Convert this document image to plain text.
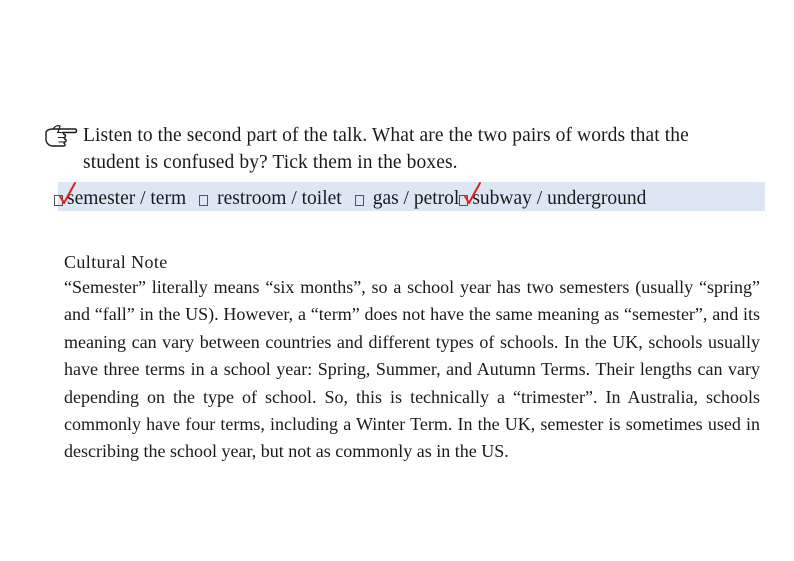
Listen to the second part of the talk. What are the two pairs of words that the
student is confused by? Tick them in the boxes.
semester / term restroom / toilet gas / petrol subway / underground
Cultural Note

“Semester” literally means “six months”, so a school year has two semesters (usually “spring” and “fall” in the US). However, a “term” does not have the same meaning as “semester”, and its meaning can vary between countries and different types of schools. In the UK, schools usually have three terms in a school year: Spring, Summer, and Autumn Terms. Their lengths can vary depending on the type of school. So, this is technically a “trimester”. In Australia, schools commonly have four terms, including a Winter Term. In the UK, semester is sometimes used in describing the school year, but not as commonly as in the US.
